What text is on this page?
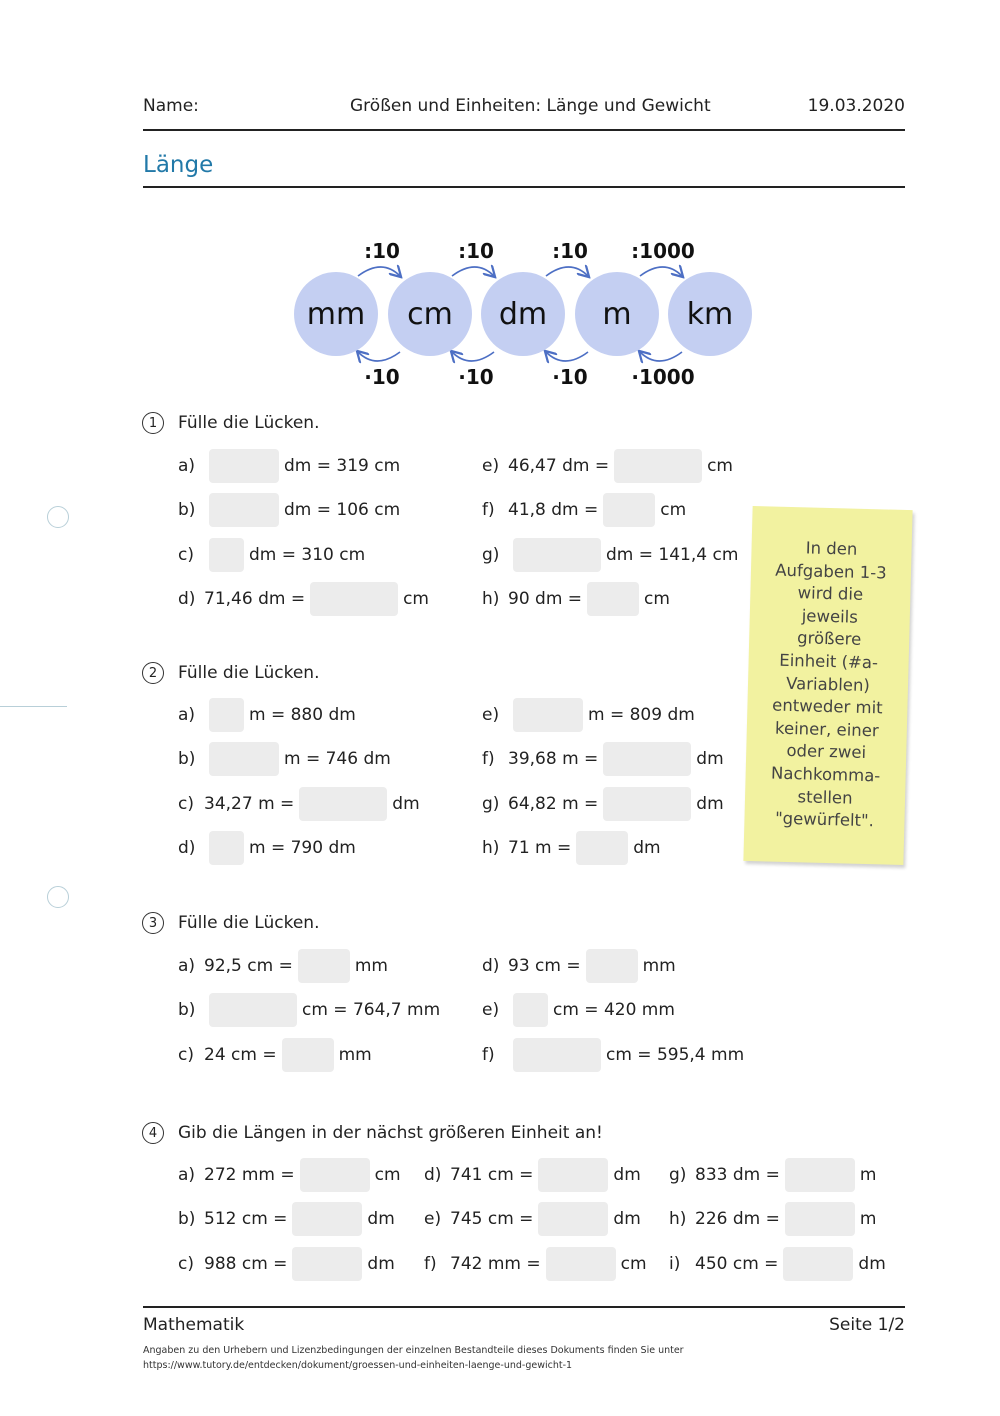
Name:	Größen und Einheiten: Länge und Gewicht	19.03.2020
Länge
:10	:10	:10	:1000
mm	cm	dm	m	km
·10	·10	·10	·1000
1	Fülle die Lücken.
a)	dm = 319 cm
b)	dm = 106 cm
c)	dm = 310 cm
d) 71,46 dm =	cm
e) 46,47 dm =	cm
f) 41,8 dm =	cm
g)	dm = 141,4 cm
h) 90 dm =	cm
2	Fülle die Lücken.
a)	m = 880 dm
b)	m = 746 dm
c) 34,27 m =	dm
d)	m = 790 dm
e)	m = 809 dm
f) 39,68 m =	dm
g) 64,82 m =	dm
h) 71 m =	dm
3	Fülle die Lücken.
a) 92,5 cm =	mm
b)	cm = 764,7 mm
c) 24 cm =	mm
d) 93 cm =	mm
e)	cm = 420 mm
f)	cm = 595,4 mm
4	Gib die Längen in der nächst größeren Einheit an!
a) 272 mm =	cm
b) 512 cm =	dm
c) 988 cm =	dm
d) 741 cm =	dm
e) 745 cm =	dm
f) 742 mm =	cm
g) 833 dm =	m
h) 226 dm =	m
i) 450 cm =	dm
In den
Aufgaben 1-3
wird die
jeweils
größere
Einheit (#a-
Variablen)
entweder mit
keiner, einer
oder zwei
Nachkomma-
stellen
"gewürfelt".
Mathematik	Seite 1/2
Angaben zu den Urhebern und Lizenzbedingungen der einzelnen Bestandteile dieses Dokuments finden Sie unter
https://www.tutory.de/entdecken/dokument/groessen-und-einheiten-laenge-und-gewicht-1
